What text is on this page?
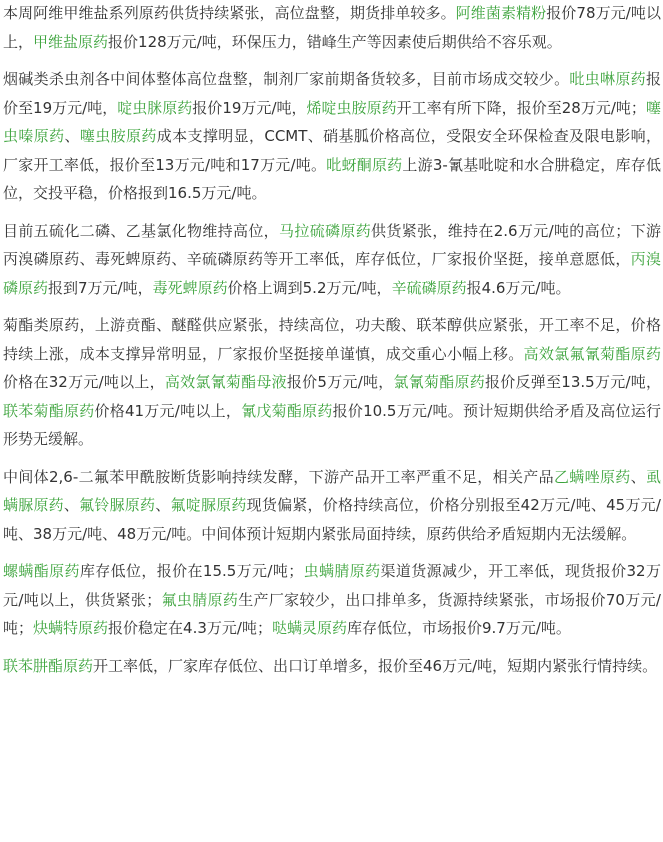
本周阿维甲维盐系列原药供货持续紧张，高位盘整，期货排单较多。阿维菌素精粉报价78万元/吨以上，甲维盐原药报价128万元/吨，环保压力，错峰生产等因素使后期供给不容乐观。

烟碱类杀虫剂各中间体整体高位盘整，制剂厂家前期备货较多，目前市场成交较少。吡虫啉原药报价至19万元/吨，啶虫脒原药报价19万元/吨，烯啶虫胺原药开工率有所下降，报价至28万元/吨；噻虫嗪原药、噻虫胺原药成本支撑明显，CCMT、硝基胍价格高位，受限安全环保检查及限电影响，厂家开工率低，报价至13万元/吨和17万元/吨。吡蚜酮原药上游3-氰基吡啶和水合肼稳定，库存低位，交投平稳，价格报到16.5万元/吨。

目前五硫化二磷、乙基氯化物维持高位，马拉硫磷原药供货紧张，维持在2.6万元/吨的高位；下游丙溴磷原药、毒死蜱原药、辛硫磷原药等开工率低，库存低位，厂家报价坚挺，接单意愿低，丙溴磷原药报到7万元/吨，毒死蜱原药价格上调到5.2万元/吨，辛硫磷原药报4.6万元/吨。

菊酯类原药，上游贲酯、醚醛供应紧张，持续高位，功夫酸、联苯醇供应紧张，开工率不足，价格持续上涨，成本支撑异常明显，厂家报价坚挺接单谨慎，成交重心小幅上移。高效氯氟氰菊酯原药价格在32万元/吨以上，高效氯氰菊酯母液报价5万元/吨，氯氰菊酯原药报价反弹至13.5万元/吨，联苯菊酯原药价格41万元/吨以上，氰戊菊酯原药报价10.5万元/吨。预计短期供给矛盾及高位运行形势无缓解。

中间体2,6-二氟苯甲酰胺断货影响持续发酵，下游产品开工率严重不足，相关产品乙螨唑原药、虱螨脲原药、氟铃脲原药、氟啶脲原药现货偏紧，价格持续高位，价格分别报至42万元/吨、45万元/吨、38万元/吨、48万元/吨。中间体预计短期内紧张局面持续，原药供给矛盾短期内无法缓解。

螺螨酯原药库存低位，报价在15.5万元/吨；虫螨腈原药渠道货源减少，开工率低，现货报价32万元/吨以上，供货紧张；氟虫腈原药生产厂家较少，出口排单多，货源持续紧张，市场报价70万元/吨；炔螨特原药报价稳定在4.3万元/吨；哒螨灵原药库存低位，市场报价9.7万元/吨。

联苯肼酯原药开工率低，厂家库存低位、出口订单增多，报价至46万元/吨，短期内紧张行情持续。
